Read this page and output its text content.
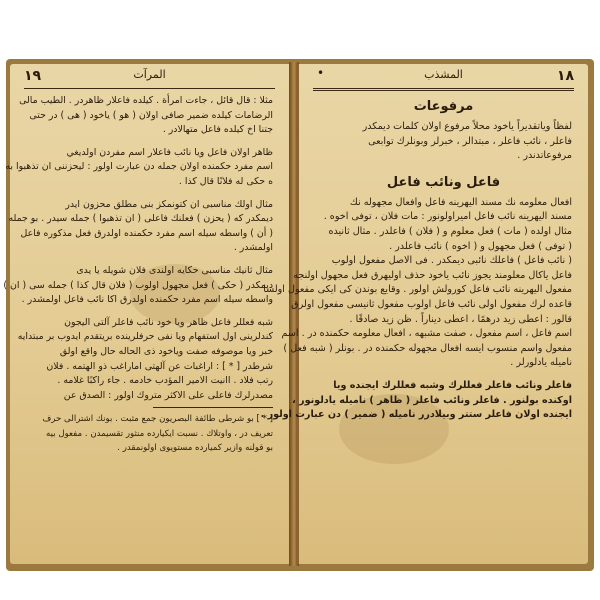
١٩	المرآت
مثلا : قال قائل ، جاءت امرأة . كيلده فاعلار ظاهردر . الطيب مالى
الرضامات كيلده ضمير صافى اولان ( هو ) ياخود ( هى ) در حتى
جتنا اخ كيلده فاعل متهالادر .
ظاهر اولان فاعل ويا نائب فاعلار اسم مفردن اولديغي
اسم مفرد حكمنده اولان جمله دن عبارت اولور : ليحزننى ان تذهبوا به
ه حكى له فلانًا قال كذا .
مثال اولك مناسبى ان كتونمكز بنى مطلق محزون ايدر
ديمكدر كه ( يحزن ) فعلنك فاعلى ( ان تذهبوا ) جمله سيدر . بو جمله
( أن ) واسطه سيله اسم مفرد حكمنده اولدرق فعل مذكوره فاعل
اولمشدر .
مثال ثانيك مناسبى حكايه اولندى فلان شويله يا يدى
ديمكدر ( حكى ) فعل مجهول اولوب ( فلان قال كذا ) جمله سى ( ان )
واسطه سيله اسم مفرد حكمنده اولدرق اكا نائب فاعل اولمشدر .
شبه فعللر فاعل ظاهر ويا خود نائب فاعلر آلتى اليجون
كندلرينى اول استفهام ويا نفى حرفلرينده بريتقدم ايدوب بر مبتدايه
خبر ويا موصوفه صفت وياخود ذى الحاله حال واقع اولق
شرطدر [ * ] : اراغبات عن آلهتى اماراغب ذو الهتمه . فلان
رتب فلاد . اانيت الامير المؤدب خادمه . جاء راكبًا غلامه .
مصدرلرك فاعلى على الاكثر متروك اولور : الصدق عن
[ * ] بو شرطى طائفة البصريون جمع مثبت . بونك اشترالى حرف
تعريف در ، واوتلاك . نسبت ايكيارده منثور تقسيمدن . مفعول بيه
بو قولنه وازير كميارده مستويوى اولونمقدر .
•	المشذب	١٨
مرفوعات
لفظاً وياتقديراً ياخود محلاً مرفوع اولان كلمات ديمكدر
فاعلر ، نائب فاعلر ، مبتدالر ، خبرلر وبونلرك توابعى
مرفوعاتدندر .
فاعل ونائب فاعل
افعال معلومه نك مسند اليهرينه فاعل وافعال مجهوله نك
مسند اليهرينه نائب فاعل اميراولونور : مات فلان ، توفى اخوه .
مثال اولده ( مات ) فعل معلوم و ( فلان ) فاعلدر . مثال ثانيده
( توفى ) فعل مجهول و ( اخوه ) نائب فاعلدر .
( نائب فاعل ) فاعلك نائبى ديمكدر . فى الاصل مفعول اولوب
فاعل ياكال معلومند يجوز نائب ياخود حذف اوليهرق فعل مجهول اولنجه
مفعول اليهرينه نائب فاعل كورولش اولور . وقايع بوندن كى ايكى مفعول اولسا
قاعده لرك مفعول اولى نائب فاعل اولوب مفعول ثانيسى مفعول اولرق
قالور : اعطى زيد درهمًا ، اعطى ديناراً . ظن زيد صادقًا .
اسم فاعل ، اسم مفعول ، صفت مشبهه ، افعال معلومه حكمنده در . اسم
مفعول واسم منسوب ايسه افعال مجهوله حكمنده در . بونلر ( شبه فعل )
ناميله يادلورلر .
فاعلر ونائب فاعلر فعللرك وشبه فعللرك ايجنده ويا
اوكنده بولنور . فاعلر ونائب فاعلر ( ظاهر ) ناميله يادلونور ،
ايجنده اولان فاعلر ستتر وبيلادرر ناميله ( ضمير ) دن عبارت اولور .
